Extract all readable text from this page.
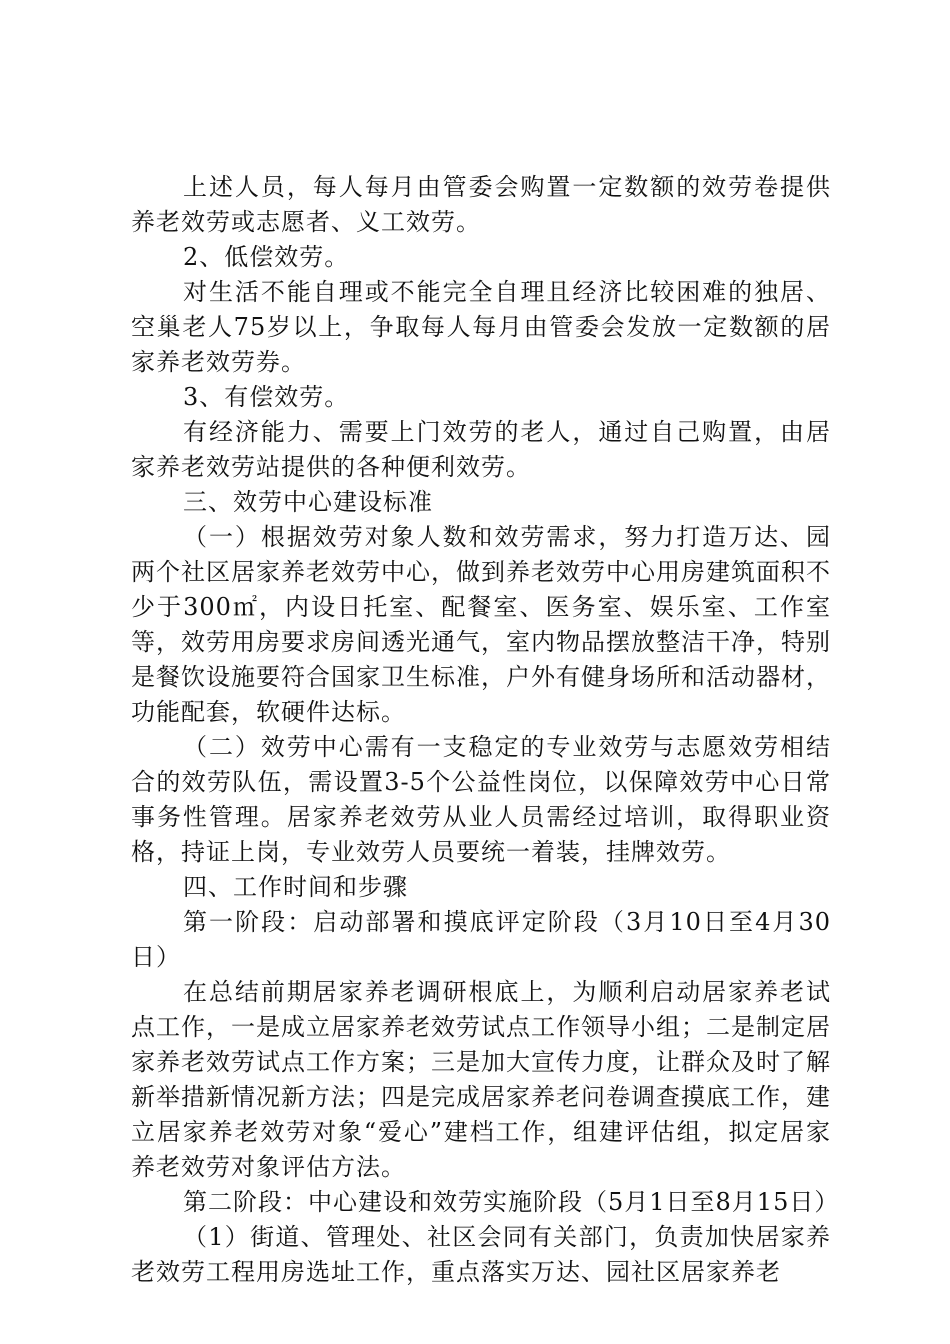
上述人员，每人每月由管委会购置一定数额的效劳卷提供养老效劳或志愿者、义工效劳。

2、低偿效劳。

对生活不能自理或不能完全自理且经济比较困难的独居、空巢老人75岁以上，争取每人每月由管委会发放一定数额的居家养老效劳券。

3、有偿效劳。

有经济能力、需要上门效劳的老人，通过自己购置，由居家养老效劳站提供的各种便利效劳。

三、效劳中心建设标准

（一）根据效劳对象人数和效劳需求，努力打造万达、园两个社区居家养老效劳中心，做到养老效劳中心用房建筑面积不少于300㎡，内设日托室、配餐室、医务室、娱乐室、工作室等，效劳用房要求房间透光通气，室内物品摆放整洁干净，特别是餐饮设施要符合国家卫生标准，户外有健身场所和活动器材，功能配套，软硬件达标。

（二）效劳中心需有一支稳定的专业效劳与志愿效劳相结合的效劳队伍，需设置3-5个公益性岗位，以保障效劳中心日常事务性管理。居家养老效劳从业人员需经过培训，取得职业资格，持证上岗，专业效劳人员要统一着装，挂牌效劳。

四、工作时间和步骤

第一阶段：启动部署和摸底评定阶段（3月10日至4月30日）

在总结前期居家养老调研根底上，为顺利启动居家养老试点工作，一是成立居家养老效劳试点工作领导小组；二是制定居家养老效劳试点工作方案；三是加大宣传力度，让群众及时了解新举措新情况新方法；四是完成居家养老问卷调查摸底工作，建立居家养老效劳对象“爱心”建档工作，组建评估组，拟定居家养老效劳对象评估方法。

第二阶段：中心建设和效劳实施阶段（5月1日至8月15日）

（1）街道、管理处、社区会同有关部门，负责加快居家养老效劳工程用房选址工作，重点落实万达、园社区居家养老
